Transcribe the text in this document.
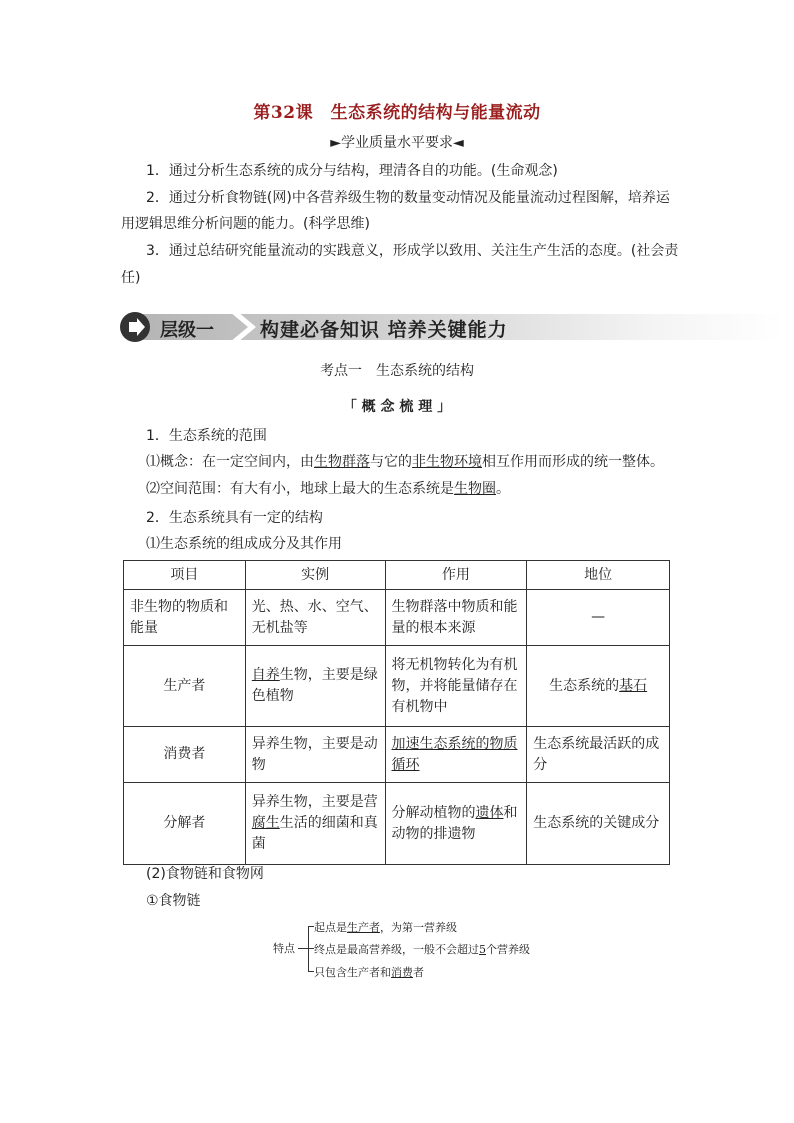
第32课　生态系统的结构与能量流动
►学业质量水平要求◄
1．通过分析生态系统的成分与结构，理清各自的功能。(生命观念)
2．通过分析食物链(网)中各营养级生物的数量变动情况及能量流动过程图解，培养运
用逻辑思维分析问题的能力。(科学思维)
3．通过总结研究能量流动的实践意义，形成学以致用、关注生产生活的态度。(社会责
任)
层级一 构建必备知识 培养关键能力
考点一　生态系统的结构
「 概 念 梳 理 」
1．生态系统的范围
⑴概念：在一定空间内，由生物群落与它的非生物环境相互作用而形成的统一整体。
⑵空间范围：有大有小，地球上最大的生态系统是生物圈。
2．生态系统具有一定的结构
⑴生态系统的组成成分及其作用
项目	实例	作用	地位
非生物的物质和能量	光、热、水、空气、无机盐等	生物群落中物质和能量的根本来源	—
生产者	自养生物，主要是绿色植物	将无机物转化为有机物，并将能量储存在有机物中	生态系统的基石
消费者	异养生物，主要是动物	加速生态系统的物质循环	生态系统最活跃的成分
分解者	异养生物，主要是营腐生生活的细菌和真菌	分解动植物的遗体和动物的排遗物	生态系统的关键成分
(2)食物链和食物网
①食物链
特点
起点是生产者，为第一营养级
终点是最高营养级，一般不会超过5个营养级
只包含生产者和消费者
